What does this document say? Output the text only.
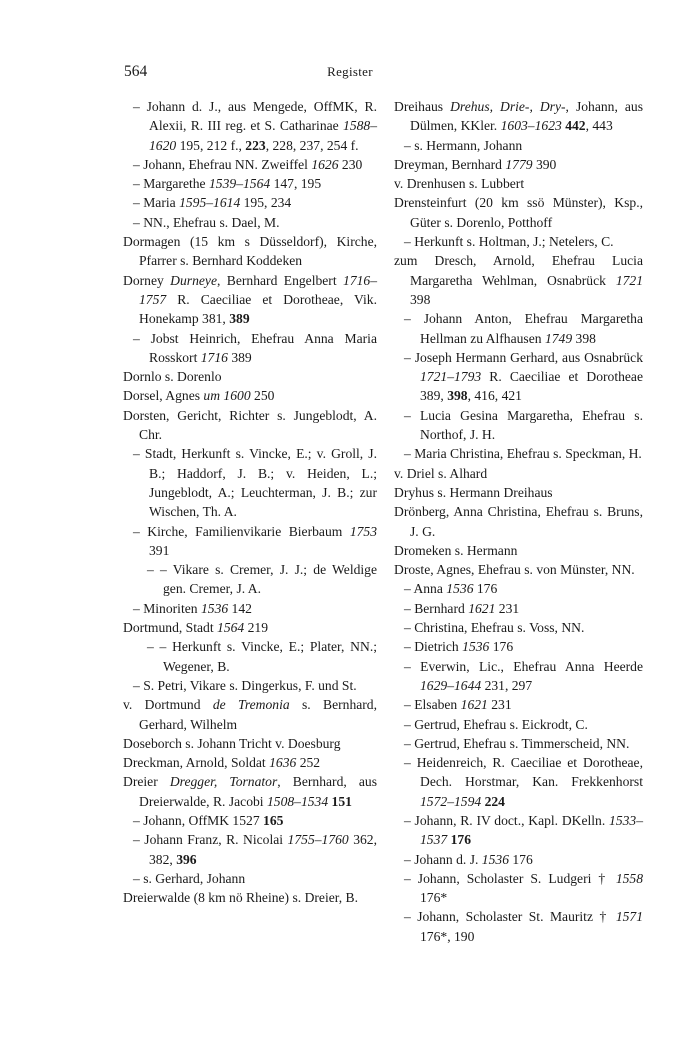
564	Register
– Johann d. J., aus Mengede, OffMK, R. Alexii, R. III reg. et S. Catharinae 1588–1620 195, 212 f., 223, 228, 237, 254 f.
– Johann, Ehefrau NN. Zweiffel 1626 230
– Margarethe 1539–1564 147, 195
– Maria 1595–1614 195, 234
– NN., Ehefrau s. Dael, M.
Dormagen (15 km s Düsseldorf), Kirche, Pfarrer s. Bernhard Koddeken
Dorney Durneye, Bernhard Engelbert 1716–1757 R. Caeciliae et Dorotheae, Vik. Honekamp 381, 389
– Jobst Heinrich, Ehefrau Anna Maria Rosskort 1716 389
Dornlo s. Dorenlo
Dorsel, Agnes um 1600 250
Dorsten, Gericht, Richter s. Jungeblodt, A. Chr.
– Stadt, Herkunft s. Vincke, E.; v. Groll, J. B.; Haddorf, J. B.; v. Heiden, L.; Jungeblodt, A.; Leuchterman, J. B.; zur Wischen, Th. A.
– Kirche, Familienvikarie Bierbaum 1753 391
– – Vikare s. Cremer, J. J.; de Weldige gen. Cremer, J. A.
– Minoriten 1536 142
Dortmund, Stadt 1564 219
– – Herkunft s. Vincke, E.; Plater, NN.; Wegener, B.
– S. Petri, Vikare s. Dingerkus, F. und St.
v. Dortmund de Tremonia s. Bernhard, Gerhard, Wilhelm
Doseborch s. Johann Tricht v. Doesburg
Dreckman, Arnold, Soldat 1636 252
Dreier Dregger, Tornator, Bernhard, aus Dreierwalde, R. Jacobi 1508–1534 151
– Johann, OffMK 1527 165
– Johann Franz, R. Nicolai 1755–1760 362, 382, 396
– s. Gerhard, Johann
Dreierwalde (8 km nö Rheine) s. Dreier, B.
Dreihaus Drehus, Drie-, Dry-, Johann, aus Dülmen, KKler. 1603–1623 442, 443
– s. Hermann, Johann
Dreyman, Bernhard 1779 390
v. Drenhusen s. Lubbert
Drensteinfurt (20 km ssö Münster), Ksp., Güter s. Dorenlo, Potthoff
– Herkunft s. Holtman, J.; Netelers, C.
zum Dresch, Arnold, Ehefrau Lucia Margaretha Wehlman, Osnabrück 1721 398
– Johann Anton, Ehefrau Margaretha Hellman zu Alfhausen 1749 398
– Joseph Hermann Gerhard, aus Osnabrück 1721–1793 R. Caeciliae et Dorotheae 389, 398, 416, 421
– Lucia Gesina Margaretha, Ehefrau s. Northof, J. H.
– Maria Christina, Ehefrau s. Speckman, H.
v. Driel s. Alhard
Dryhus s. Hermann Dreihaus
Drönberg, Anna Christina, Ehefrau s. Bruns, J. G.
Dromeken s. Hermann
Droste, Agnes, Ehefrau s. von Münster, NN.
– Anna 1536 176
– Bernhard 1621 231
– Christina, Ehefrau s. Voss, NN.
– Dietrich 1536 176
– Everwin, Lic., Ehefrau Anna Heerde 1629–1644 231, 297
– Elsaben 1621 231
– Gertrud, Ehefrau s. Eickrodt, C.
– Gertrud, Ehefrau s. Timmerscheid, NN.
– Heidenreich, R. Caeciliae et Dorotheae, Dech. Horstmar, Kan. Frekkenhorst 1572–1594 224
– Johann, R. IV doct., Kapl. DKelln. 1533–1537 176
– Johann d. J. 1536 176
– Johann, Scholaster S. Ludgeri † 1558 176*
– Johann, Scholaster St. Mauritz † 1571 176*, 190
